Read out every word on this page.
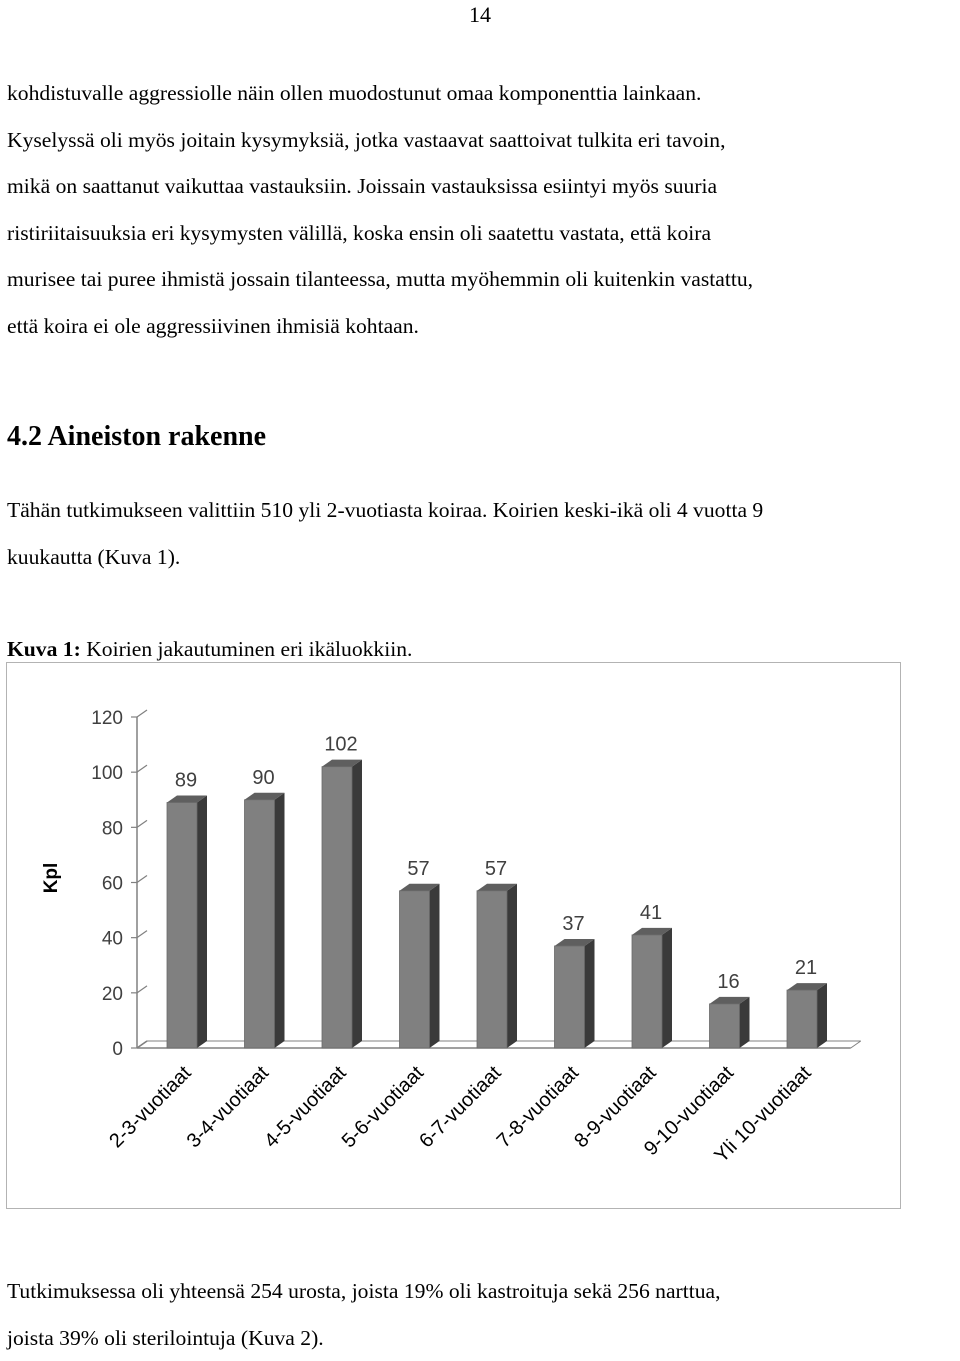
14
kohdistuvalle aggressiolle näin ollen muodostunut omaa komponenttia lainkaan.
Kyselyssä oli myös joitain kysymyksiä, jotka vastaavat saattoivat tulkita eri tavoin,
mikä on saattanut vaikuttaa vastauksiin. Joissain vastauksissa esiintyi myös suuria
ristiriitaisuuksia eri kysymysten välillä, koska ensin oli saatettu vastata, että koira
murisee tai puree ihmistä jossain tilanteessa, mutta myöhemmin oli kuitenkin vastattu,
että koira ei ole aggressiivinen ihmisiä kohtaan.
4.2 Aineiston rakenne
Tähän tutkimukseen valittiin 510 yli 2-vuotiasta koiraa. Koirien keski-ikä oli 4 vuotta 9
kuukautta (Kuva 1).
Kuva 1: Koirien jakautuminen eri ikäluokkiin.
0
20
40
60
80
100
120
Kpl
89	90
102
57	57
37
41
16
21
2-3-vuotiaat
3-4-vuotiaat
4-5-vuotiaat
5-6-vuotiaat
6-7-vuotiaat
7-8-vuotiaat
8-9-vuotiaat
9-10-vuotiaat
Yli 10-vuotiaat
Tutkimuksessa oli yhteensä 254 urosta, joista 19% oli kastroituja sekä 256 narttua,
joista 39% oli sterilointuja (Kuva 2).
